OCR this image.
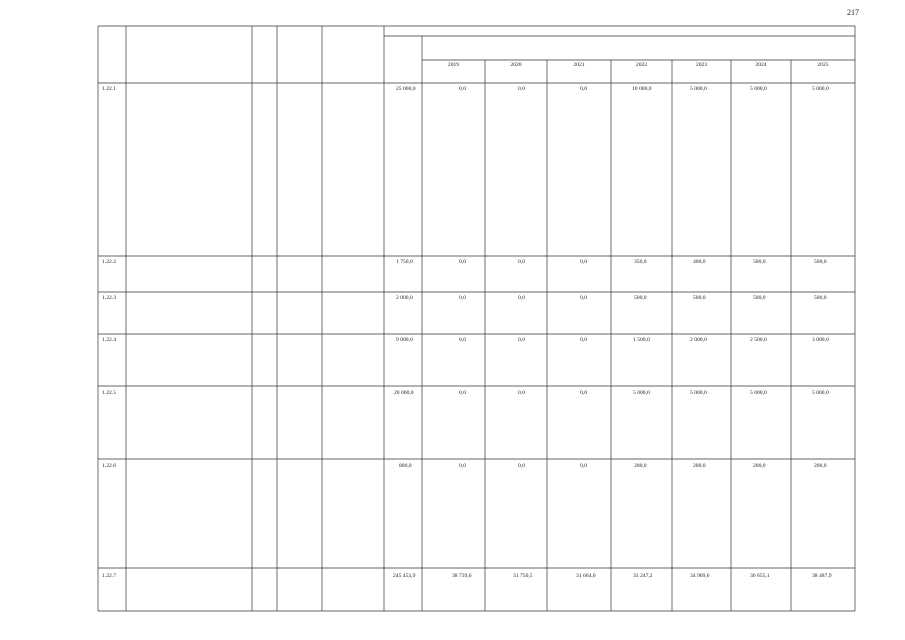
217
2019	2020	2021	2022	2023	2024	2025
1.22.1	25 000,0	0,0	0,0	0,0	10 000,0	5 000,0	5 000,0	5 000,0
1.22.2	1 750,0	0,0	0,0	0,0	350,0	400,0	500,0	500,0
1.22.3	2 000,0	0,0	0,0	0,0	500,0	500,0	500,0	500,0
1.22.4	9 000,0	0,0	0,0	0,0	1 500,0	2 000,0	2 500,0	3 000,0
1.22.5	20 000,0	0,0	0,0	0,0	5 000,0	5 000,0	5 000,0	5 000,0
1.22.6	800,0	0,0	0,0	0,0	200,0	200,0	200,0	200,0
1.22.7	245 453,9	38 739,6	31 750,5	31 664,0	33 247,2	34 909,6	36 655,1	38 487,9
